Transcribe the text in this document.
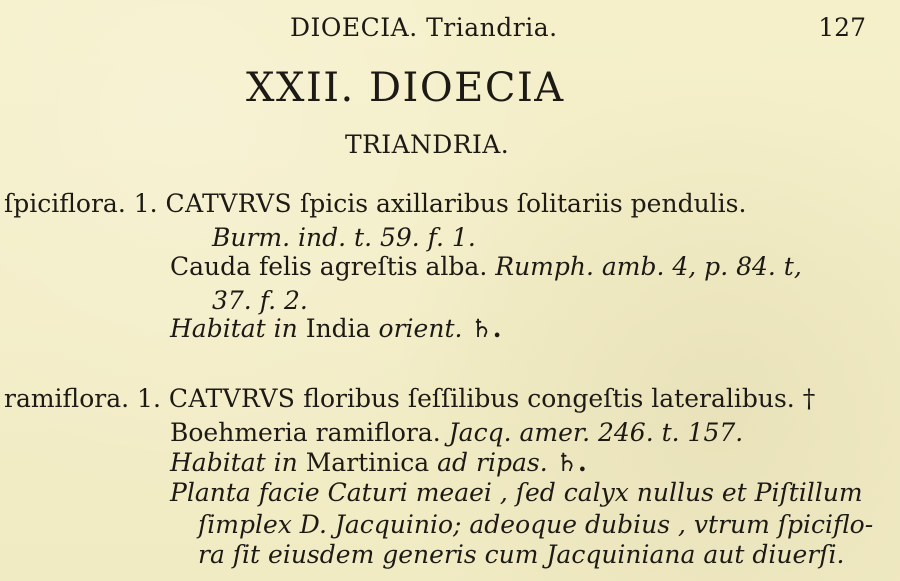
DIOECIA. Triandria.	127
XXII. DIOECIA
TRIANDRIA.
ſpiciflora. 1. CATVRVS ſpicis axillaribus ſolitariis pendulis.
Burm. ind. t. 59. f. 1.
Cauda felis agreſtis alba. Rumph. amb. 4, p. 84. t,
37. f. 2.
Habitat in India orient. ♄.
ramiflora. 1. CATVRVS floribus ſeſſilibus congeſtis lateralibus. †
Boehmeria ramiflora. Jacq. amer. 246. t. 157.
Habitat in Martinica ad ripas. ♄.
Planta facie Caturi meaei , ſed calyx nullus et Piſtillum
ſimplex D. Jacquinio; adeoque dubius , vtrum ſpiciflo-
ra ſit eiusdem generis cum Jacquiniana aut diuerſi.
